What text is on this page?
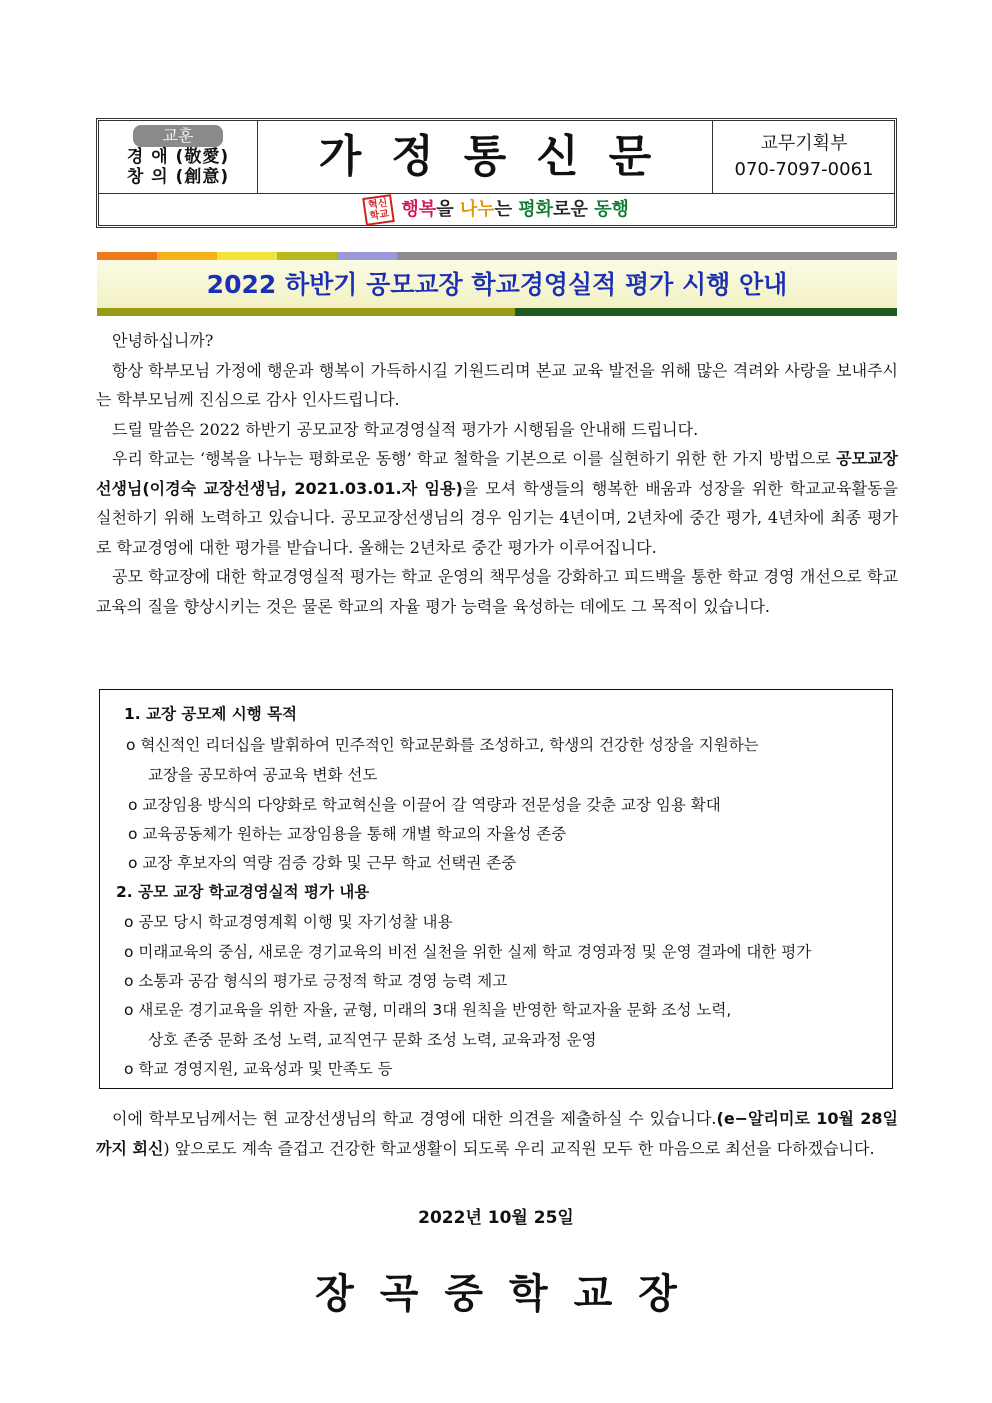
교훈
경 애 (敬愛)
창 의 (創意)	가정통신문	교무기획부
070-7097-0061
혁신
학교 행복을 나누는 평화로운 동행
2022 하반기 공모교장 학교경영실적 평가 시행 안내

안녕하십니까?

항상 학부모님 가정에 행운과 행복이 가득하시길 기원드리며 본교 교육 발전을 위해 많은 격려와 사랑을 보내주시는 학부모님께 진심으로 감사 인사드립니다.

드릴 말씀은 2022 하반기 공모교장 학교경영실적 평가가 시행됨을 안내해 드립니다.

우리 학교는 ‘행복을 나누는 평화로운 동행’ 학교 철학을 기본으로 이를 실현하기 위한 한 가지 방법으로 공모교장 선생님(이경숙 교장선생님, 2021.03.01.자 임용)을 모셔 학생들의 행복한 배움과 성장을 위한 학교교육활동을 실천하기 위해 노력하고 있습니다. 공모교장선생님의 경우 임기는 4년이며, 2년차에 중간 평가, 4년차에 최종 평가로 학교경영에 대한 평가를 받습니다. 올해는 2년차로 중간 평가가 이루어집니다.

공모 학교장에 대한 학교경영실적 평가는 학교 운영의 책무성을 강화하고 피드백을 통한 학교 경영 개선으로 학교 교육의 질을 향상시키는 것은 물론 학교의 자율 평가 능력을 육성하는 데에도 그 목적이 있습니다.

1. 교장 공모제 시행 목적
o 혁신적인 리더십을 발휘하여 민주적인 학교문화를 조성하고, 학생의 건강한 성장을 지원하는
교장을 공모하여 공교육 변화 선도
o 교장임용 방식의 다양화로 학교혁신을 이끌어 갈 역량과 전문성을 갖춘 교장 임용 확대
o 교육공동체가 원하는 교장임용을 통해 개별 학교의 자율성 존중
o 교장 후보자의 역량 검증 강화 및 근무 학교 선택권 존중
2. 공모 교장 학교경영실적 평가 내용
o 공모 당시 학교경영계획 이행 및 자기성찰 내용
o 미래교육의 중심, 새로운 경기교육의 비전 실천을 위한 실제 학교 경영과정 및 운영 결과에 대한 평가
o 소통과 공감 형식의 평가로 긍정적 학교 경영 능력 제고
o 새로운 경기교육을 위한 자율, 균형, 미래의 3대 원칙을 반영한 학교자율 문화 조성 노력,
상호 존중 문화 조성 노력, 교직연구 문화 조성 노력, 교육과정 운영
o 학교 경영지원, 교육성과 및 만족도 등

이에 학부모님께서는 현 교장선생님의 학교 경영에 대한 의견을 제출하실 수 있습니다.(e−알리미로 10월 28일까지 회신) 앞으로도 계속 즐겁고 건강한 학교생활이 되도록 우리 교직원 모두 한 마음으로 최선을 다하겠습니다.

2022년 10월 25일
장곡중학교장
